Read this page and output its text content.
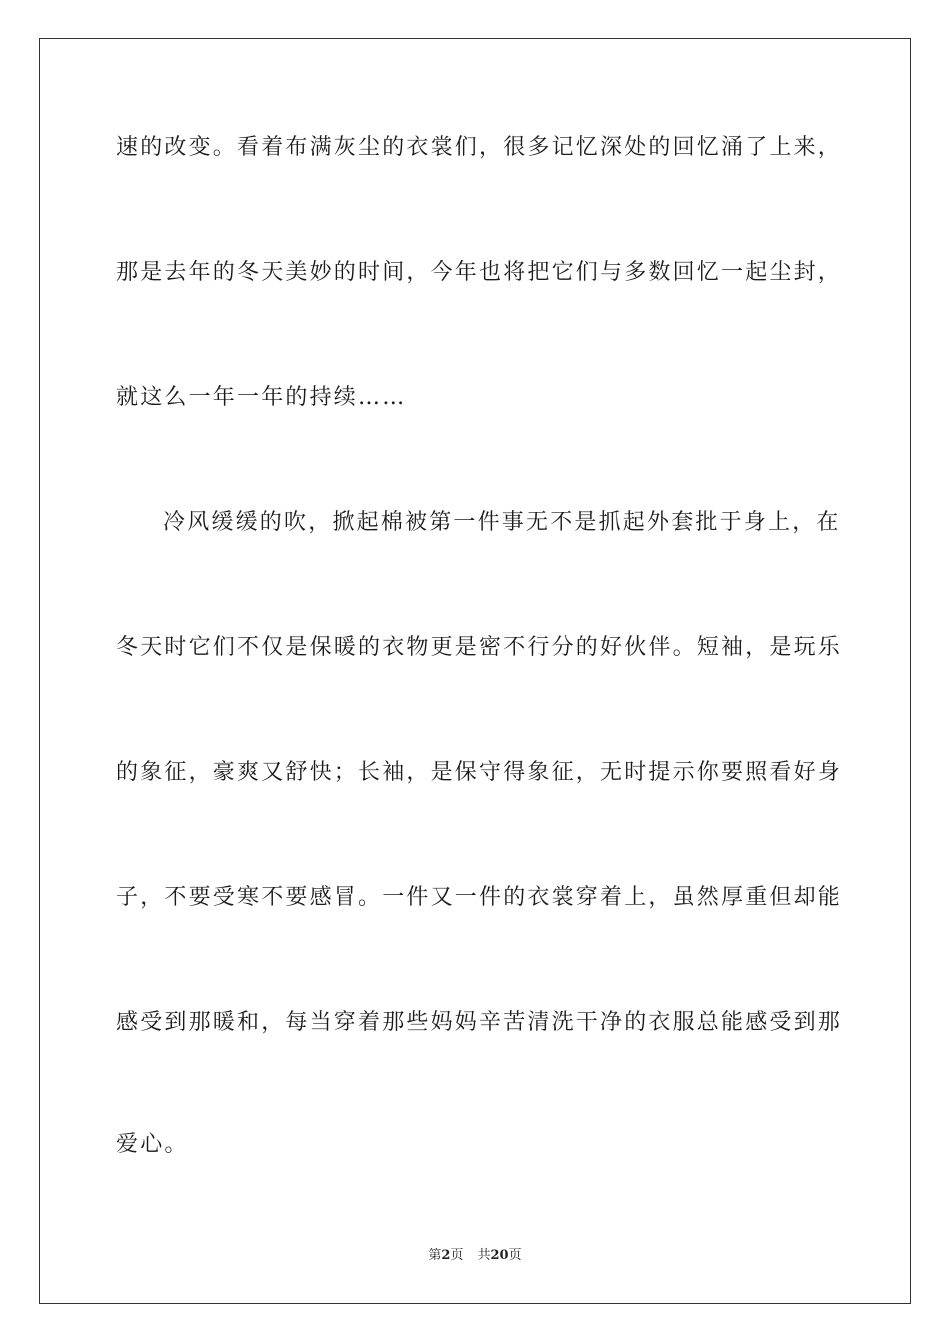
速的改变。看着布满灰尘的衣裳们，很多记忆深处的回忆涌了上来，
那是去年的冬天美妙的时间，今年也将把它们与多数回忆一起尘封，
就这么一年一年的持续……
冷风缓缓的吹，掀起棉被第一件事无不是抓起外套批于身上，在
冬天时它们不仅是保暖的衣物更是密不行分的好伙伴。短袖，是玩乐
的象征，豪爽又舒快；长袖，是保守得象征，无时提示你要照看好身
子，不要受寒不要感冒。一件又一件的衣裳穿着上，虽然厚重但却能
感受到那暖和，每当穿着那些妈妈辛苦清洗干净的衣服总能感受到那
爱心。
第2页 共20页
